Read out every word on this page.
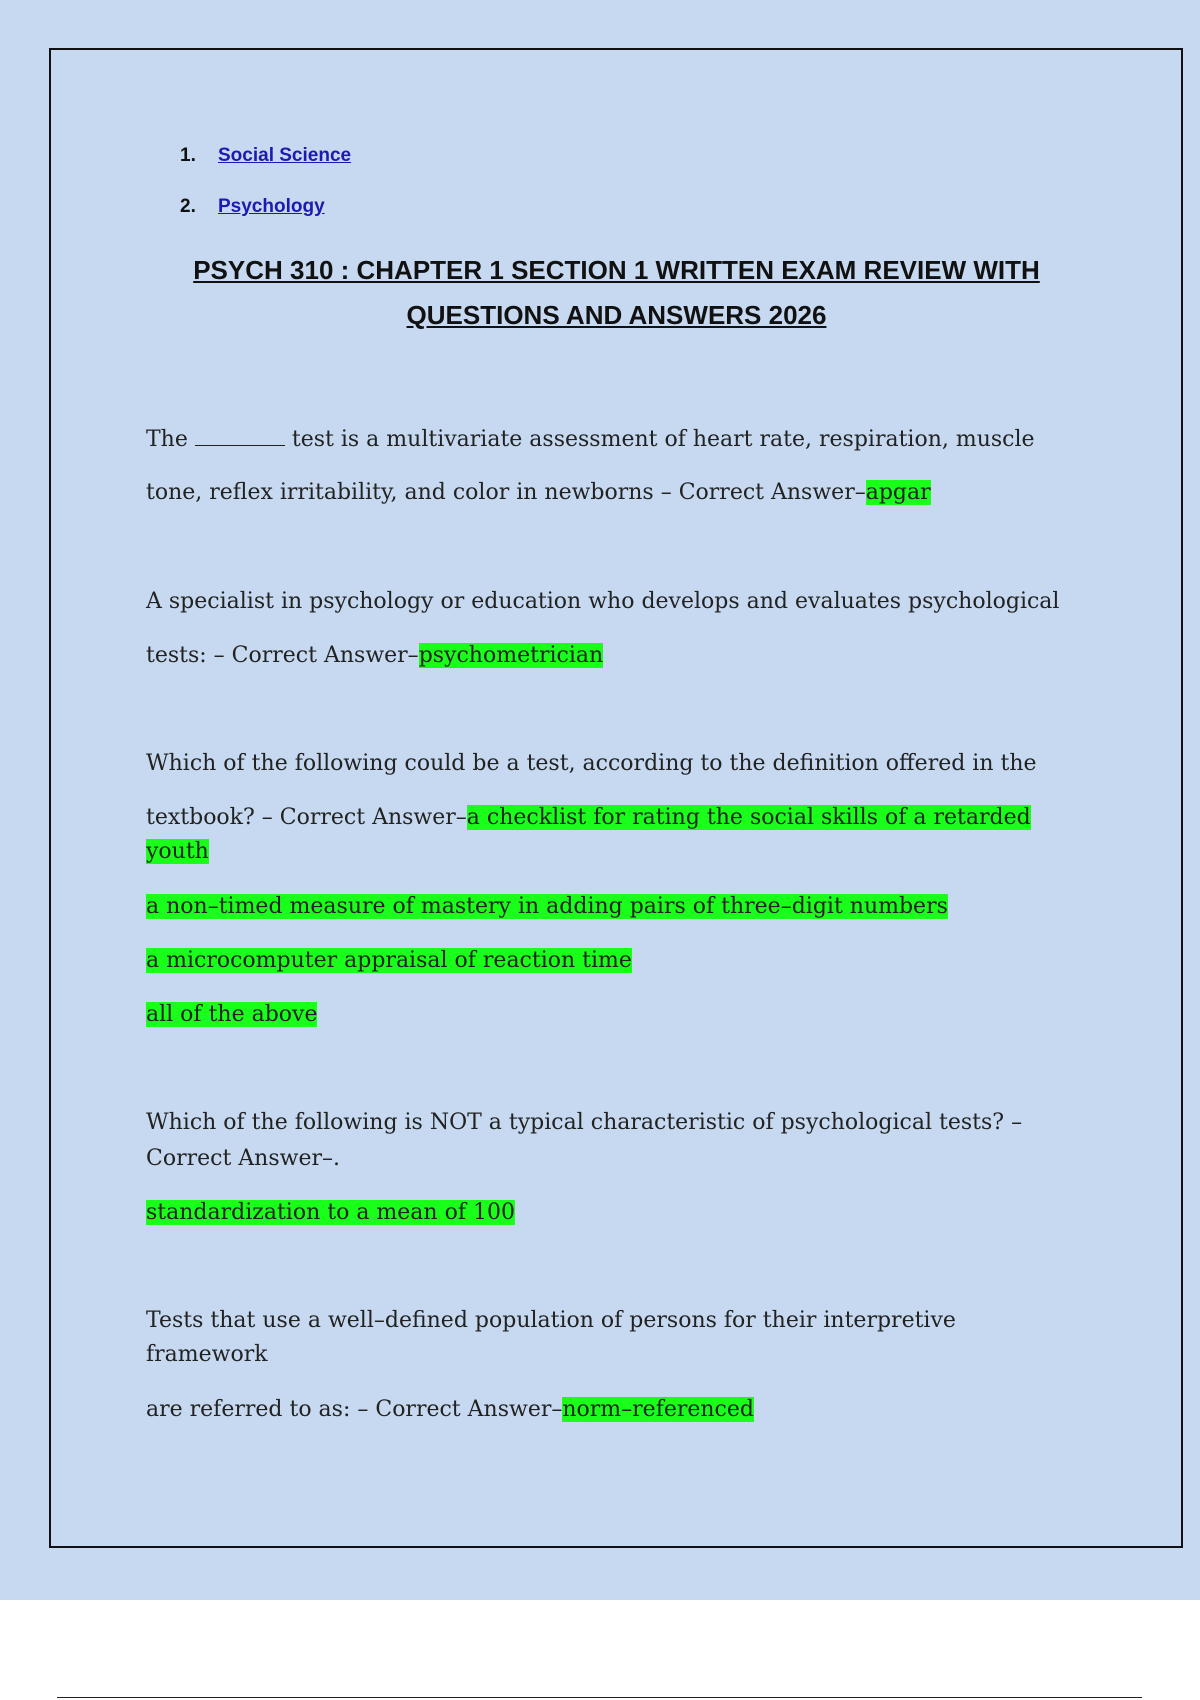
1.	Social Science
2.	Psychology
PSYCH 310 : CHAPTER 1 SECTION 1 WRITTEN EXAM REVIEW WITH
QUESTIONS AND ANSWERS 2026
The	test is a multivariate assessment of heart rate, respiration, muscle
tone, reflex irritability, and color in newborns – Correct Answer–apgar
A specialist in psychology or education who develops and evaluates psychological
tests: – Correct Answer–psychometrician
Which of the following could be a test, according to the definition offered in the
textbook? – Correct Answer–a checklist for rating the social skills of a retarded
youth
a non–timed measure of mastery in adding pairs of three–digit numbers
a microcomputer appraisal of reaction time
all of the above
Which of the following is NOT a typical characteristic of psychological tests? –
Correct Answer–.
standardization to a mean of 100
Tests that use a well–defined population of persons for their interpretive
framework
are referred to as: – Correct Answer–norm–referenced
